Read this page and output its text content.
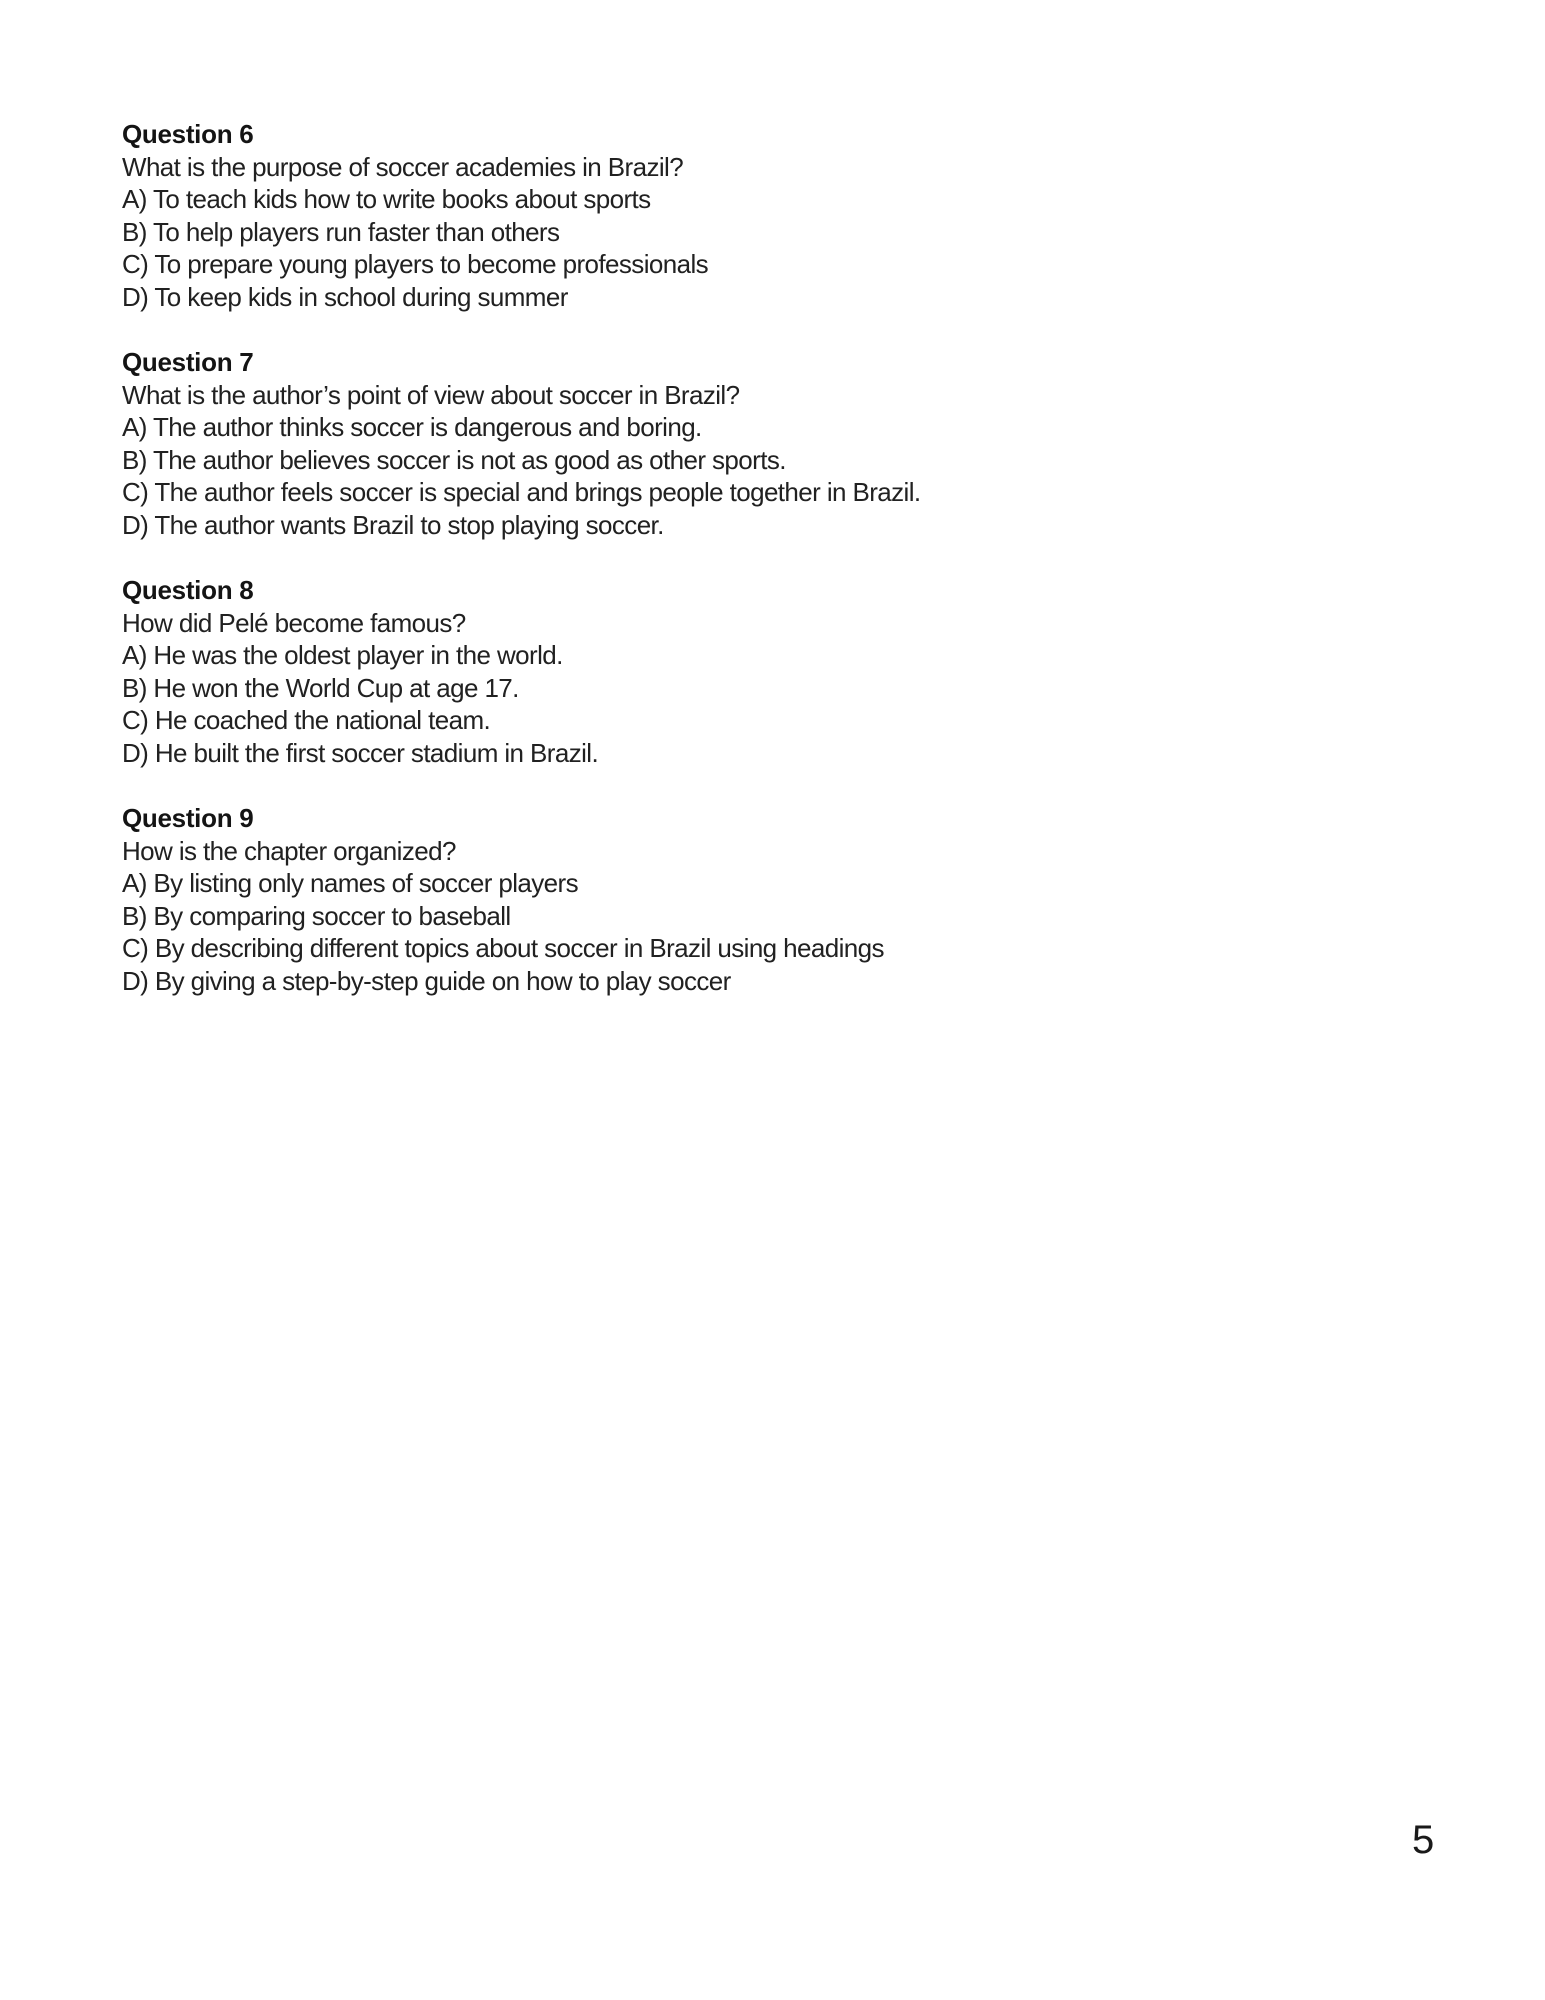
Question 6

What is the purpose of soccer academies in Brazil?

A) To teach kids how to write books about sports

B) To help players run faster than others

C) To prepare young players to become professionals

D) To keep kids in school during summer

Question 7

What is the author’s point of view about soccer in Brazil?

A) The author thinks soccer is dangerous and boring.

B) The author believes soccer is not as good as other sports.

C) The author feels soccer is special and brings people together in Brazil.

D) The author wants Brazil to stop playing soccer.

Question 8

How did Pelé become famous?

A) He was the oldest player in the world.

B) He won the World Cup at age 17.

C) He coached the national team.

D) He built the first soccer stadium in Brazil.

Question 9

How is the chapter organized?

A) By listing only names of soccer players

B) By comparing soccer to baseball

C) By describing different topics about soccer in Brazil using headings

D) By giving a step-by-step guide on how to play soccer

5
